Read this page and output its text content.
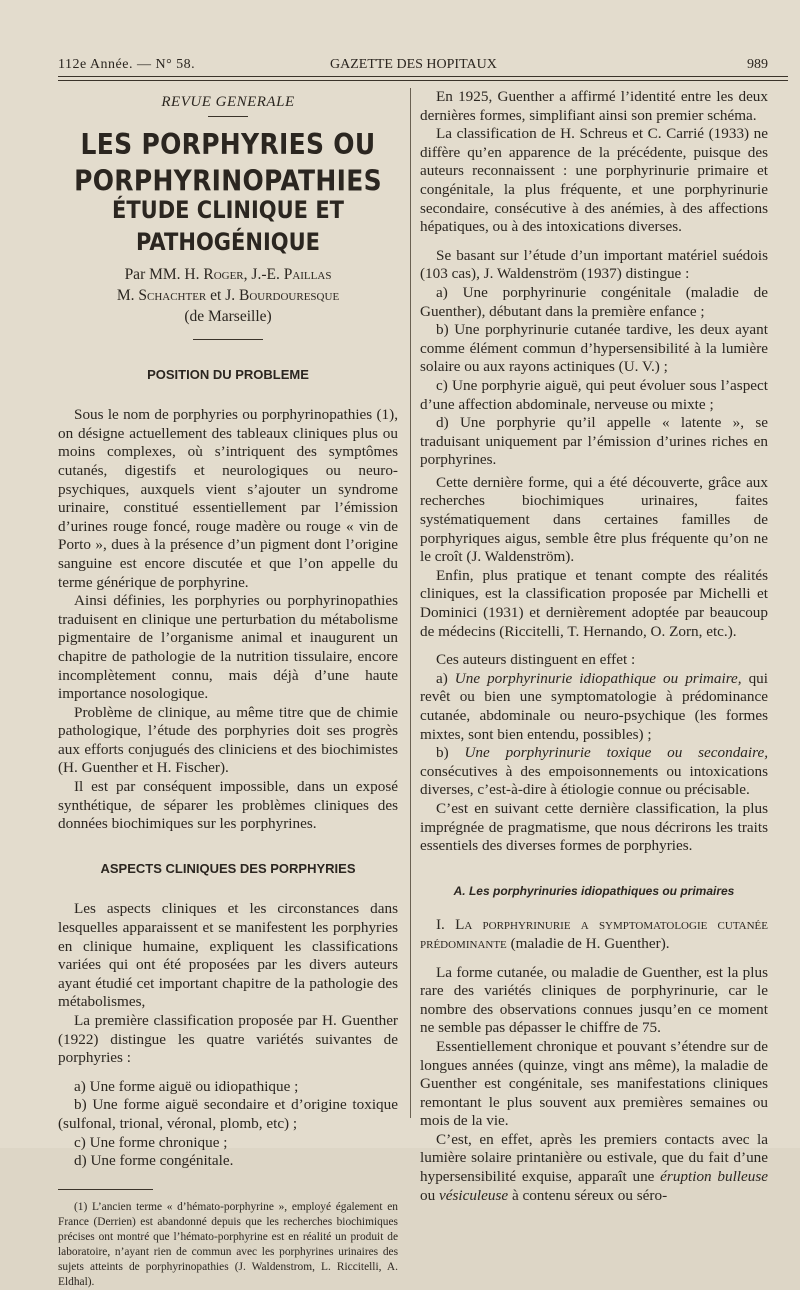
112e Année. — N° 58.	GAZETTE DES HOPITAUX	989
REVUE GENERALE
LES PORPHYRIES OU PORPHYRINOPATHIES
ÉTUDE CLINIQUE ET PATHOGÉNIQUE
Par MM. H. Roger, J.-E. Paillas
M. Schachter et J. Bourdouresque
(de Marseille)
POSITION DU PROBLEME

Sous le nom de porphyries ou porphyrinopathies (1), on désigne actuellement des tableaux cliniques plus ou moins complexes, où s’intriquent des symptômes cutanés, digestifs et neurologiques ou neuro-psychiques, auxquels vient s’ajouter un syndrome urinaire, constitué essentiellement par l’émission d’urines rouge foncé, rouge madère ou rouge « vin de Porto », dues à la présence d’un pigment dont l’origine sanguine est encore discutée et que l’on appelle du terme générique de porphyrine.

Ainsi définies, les porphyries ou porphyrinopathies traduisent en clinique une perturbation du métabolisme pigmentaire de l’organisme animal et inaugurent un chapitre de pathologie de la nutrition tissulaire, encore incomplètement connu, mais déjà d’une haute importance nosologique.

Problème de clinique, au même titre que de chimie pathologique, l’étude des porphyries doit ses progrès aux efforts conjugués des cliniciens et des biochimistes (H. Guenther et H. Fischer).

Il est par conséquent impossible, dans un exposé synthétique, de séparer les problèmes cliniques des données biochimiques sur les porphyrines.

ASPECTS CLINIQUES DES PORPHYRIES

Les aspects cliniques et les circonstances dans lesquelles apparaissent et se manifestent les porphyries en clinique humaine, expliquent les classifications variées qui ont été proposées par les divers auteurs ayant étudié cet important chapitre de la pathologie des métabolismes,

La première classification proposée par H. Guenther (1922) distingue les quatre variétés suivantes de porphyries :

a) Une forme aiguë ou idiopathique ;

b) Une forme aiguë secondaire et d’origine toxique (sulfonal, trional, véronal, plomb, etc) ;

c) Une forme chronique ;

d) Une forme congénitale.

(1) L’ancien terme « d’hémato-porphyrine », employé également en France (Derrien) est abandonné depuis que les recherches biochimiques précises ont montré que l’hémato-porphyrine est en réalité un produit de laboratoire, n’ayant rien de commun avec les porphyrines urinaires des sujets atteints de porphyrinopathies (J. Waldenstrom, L. Riccitelli, A. Eldhal).

En 1925, Guenther a affirmé l’identité entre les deux dernières formes, simplifiant ainsi son premier schéma.

La classification de H. Schreus et C. Carrié (1933) ne diffère qu’en apparence de la précédente, puisque des auteurs reconnaissent : une porphyrinurie primaire et congénitale, la plus fréquente, et une porphyrinurie secondaire, consécutive à des anémies, à des affections hépatiques, ou à des intoxications diverses.

Se basant sur l’étude d’un important matériel suédois (103 cas), J. Waldenström (1937) distingue :

a) Une porphyrinurie congénitale (maladie de Guenther), débutant dans la première enfance ;

b) Une porphyrinurie cutanée tardive, les deux ayant comme élément commun d’hypersensibilité à la lumière solaire ou aux rayons actiniques (U. V.) ;

c) Une porphyrie aiguë, qui peut évoluer sous l’aspect d’une affection abdominale, nerveuse ou mixte ;

d) Une porphyrie qu’il appelle « latente », se traduisant uniquement par l’émission d’urines riches en porphyrines.

Cette dernière forme, qui a été découverte, grâce aux recherches biochimiques urinaires, faites systématiquement dans certaines familles de porphyriques aigus, semble être plus fréquente qu’on ne le croît (J. Waldenström).

Enfin, plus pratique et tenant compte des réalités cliniques, est la classification proposée par Michelli et Dominici (1931) et dernièrement adoptée par beaucoup de médecins (Riccitelli, T. Hernando, O. Zorn, etc.).

Ces auteurs distinguent en effet :

a) Une porphyrinurie idiopathique ou primaire, qui revêt ou bien une symptomatologie à prédominance cutanée, abdominale ou neuro-psychique (les formes mixtes, sont bien entendu, possibles) ;

b) Une porphyrinurie toxique ou secondaire, consécutives à des empoisonnements ou intoxications diverses, c’est-à-dire à étiologie connue ou précisable.

C’est en suivant cette dernière classification, la plus imprégnée de pragmatisme, que nous décrirons les traits essentiels des diverses formes de porphyries.

A. Les porphyrinuries idiopathiques ou primaires

I. La porphyrinurie a symptomatologie cutanée prédominante (maladie de H. Guenther).

La forme cutanée, ou maladie de Guenther, est la plus rare des variétés cliniques de porphyrinurie, car le nombre des observations connues jusqu’en ce moment ne semble pas dépasser le chiffre de 75.

Essentiellement chronique et pouvant s’étendre sur de longues années (quinze, vingt ans même), la maladie de Guenther est congénitale, ses manifestations cliniques remontant le plus souvent aux premières semaines ou mois de la vie.

C’est, en effet, après les premiers contacts avec la lumière solaire printanière ou estivale, que du fait d’une hypersensibilité exquise, apparaît une éruption bulleuse ou vésiculeuse à contenu séreux ou séro-
